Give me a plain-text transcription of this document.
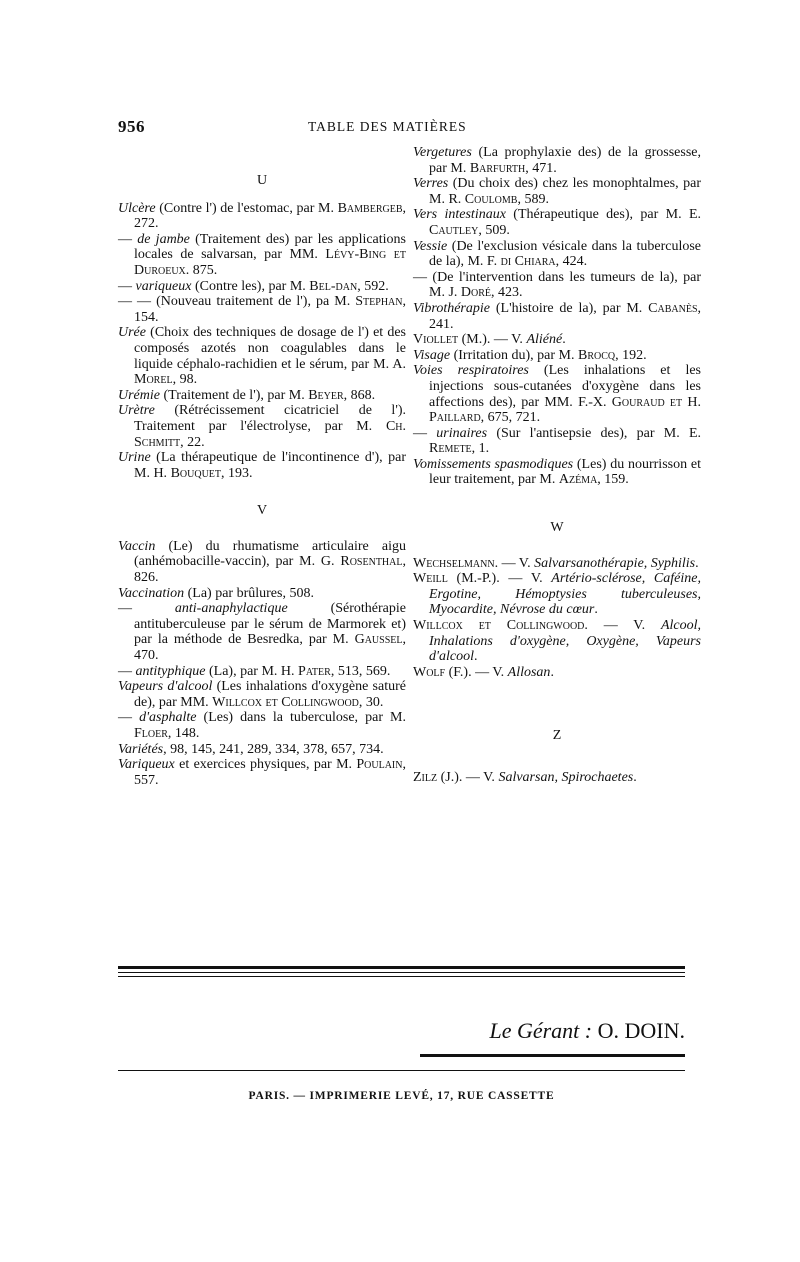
956	TABLE DES MATIÈRES

U

Ulcère (Contre l') de l'estomac, par M. Bambergeb, 272.

— de jambe (Traitement des) par les applications locales de salvarsan, par MM. Lévy-Bing et Duroeux. 875.

— variqueux (Contre les), par M. Bel-dan, 592.

— — (Nouveau traitement de l'), pa M. Stephan, 154.

Urée (Choix des techniques de dosage de l') et des composés azotés non coagulables dans le liquide céphalo-rachidien et le sérum, par M. A. Morel, 98.

Urémie (Traitement de l'), par M. Beyer, 868.

Urètre (Rétrécissement cicatriciel de l'). Traitement par l'électrolyse, par M. Ch. Schmitt, 22.

Urine (La thérapeutique de l'incontinence d'), par M. H. Bouquet, 193.

V

Vaccin (Le) du rhumatisme articulaire aigu (anhémobacille-vaccin), par M. G. Rosenthal, 826.

Vaccination (La) par brûlures, 508.

— anti-anaphylactique (Sérothérapie antituberculeuse par le sérum de Marmorek et) par la méthode de Besredka, par M. Gaussel, 470.

— antityphique (La), par M. H. Pater, 513, 569.

Vapeurs d'alcool (Les inhalations d'oxygène saturé de), par MM. Willcox et Collingwood, 30.

— d'asphalte (Les) dans la tuberculose, par M. Floer, 148.

Variétés, 98, 145, 241, 289, 334, 378, 657, 734.

Variqueux et exercices physiques, par M. Poulain, 557.

Vergetures (La prophylaxie des) de la grossesse, par M. Barfurth, 471.

Verres (Du choix des) chez les monophtalmes, par M. R. Coulomb, 589.

Vers intestinaux (Thérapeutique des), par M. E. Cautley, 509.

Vessie (De l'exclusion vésicale dans la tuberculose de la), M. F. di Chiara, 424.

— (De l'intervention dans les tumeurs de la), par M. J. Doré, 423.

Vibrothérapie (L'histoire de la), par M. Cabanès, 241.

Viollet (M.). — V. Aliéné.

Visage (Irritation du), par M. Brocq, 192.

Voies respiratoires (Les inhalations et les injections sous-cutanées d'oxygène dans les affections des), par MM. F.-X. Gouraud et H. Paillard, 675, 721.

— urinaires (Sur l'antisepsie des), par M. E. Remete, 1.

Vomissements spasmodiques (Les) du nourrisson et leur traitement, par M. Azéma, 159.

W

Wechselmann. — V. Salvarsanothérapie, Syphilis.

Weill (M.-P.). — V. Artério-sclérose, Caféine, Ergotine, Hémoptysies tuberculeuses, Myocardite, Névrose du cœur.

Willcox et Collingwood. — V. Alcool, Inhalations d'oxygène, Oxygène, Vapeurs d'alcool.

Wolf (F.). — V. Allosan.

Z

Zilz (J.). — V. Salvarsan, Spirochaetes.

Le Gérant : O. DOIN.
PARIS. — IMPRIMERIE LEVÉ, 17, RUE CASSETTE
